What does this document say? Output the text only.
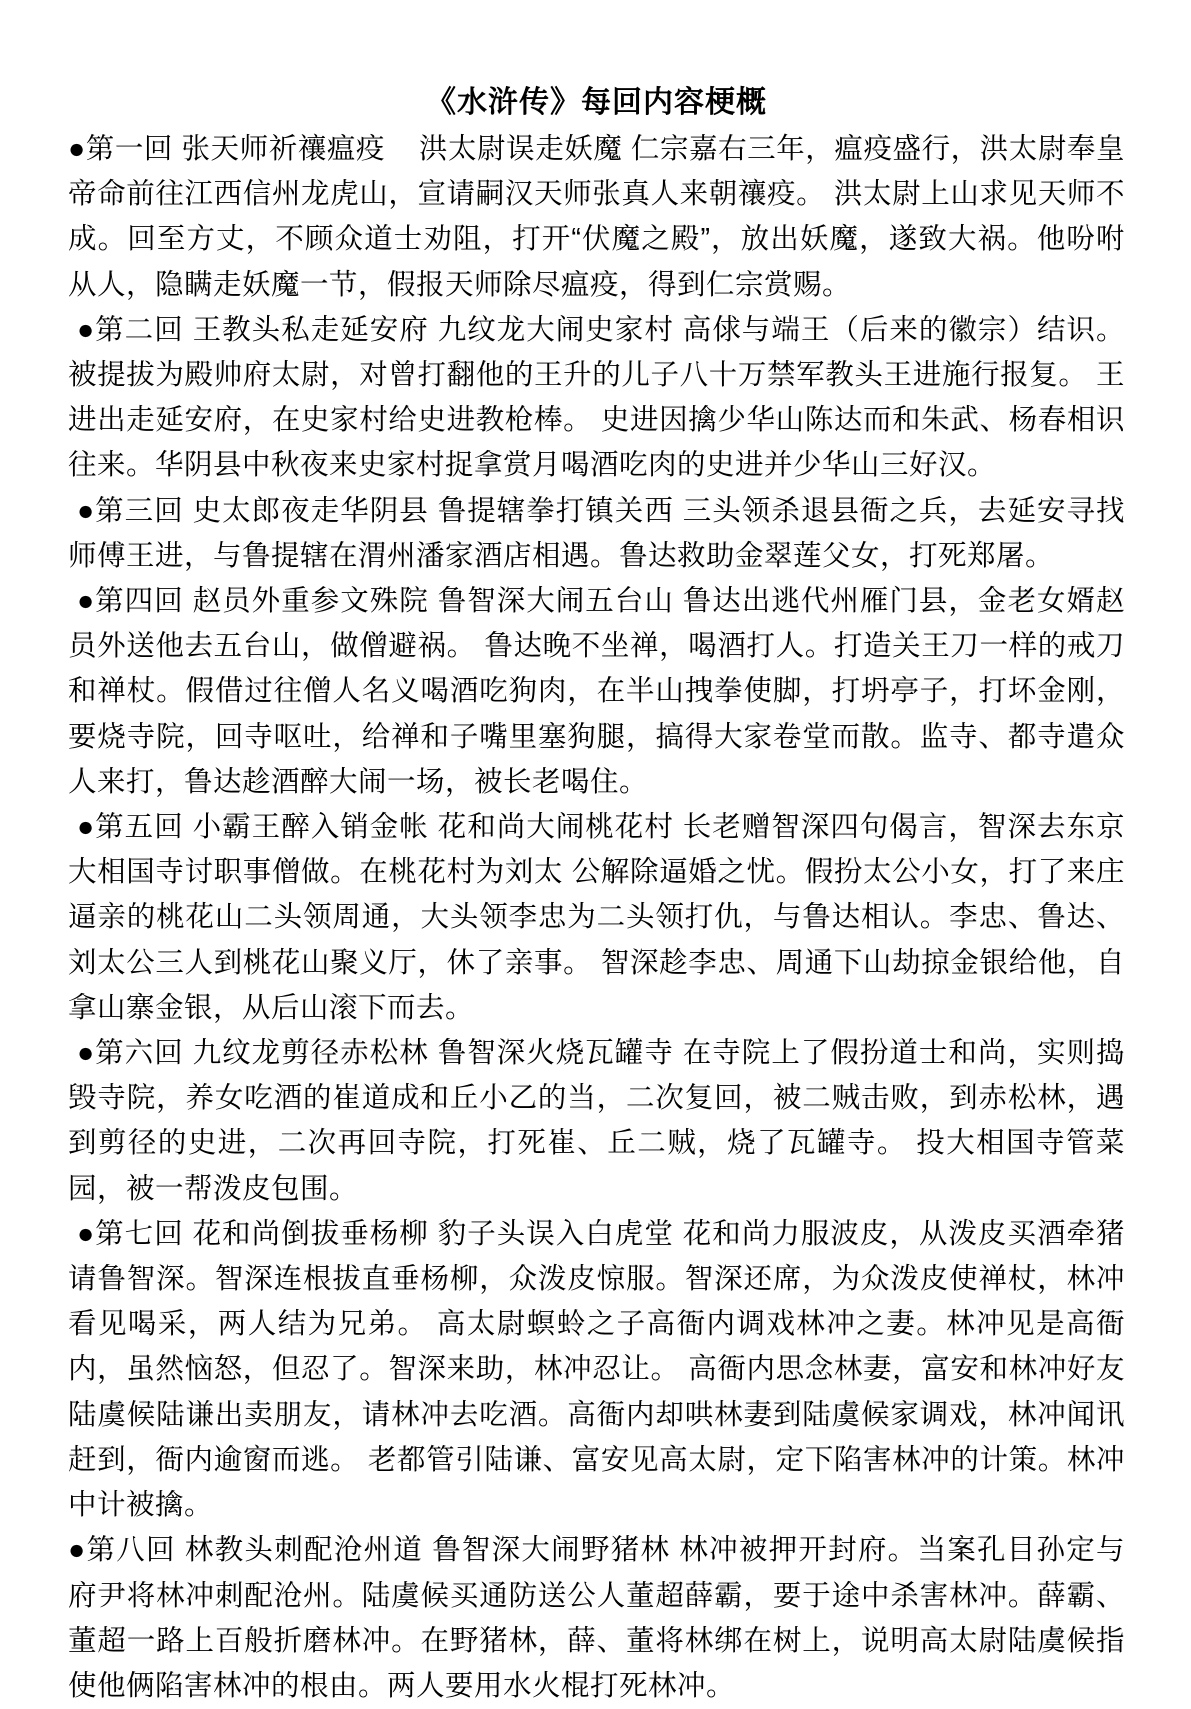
《水浒传》每回内容梗概

●第一回 张天师祈禳瘟疫    洪太尉误走妖魔 仁宗嘉右三年，瘟疫盛行，洪太尉奉皇帝命前往江西信州龙虎山，宣请嗣汉天师张真人来朝禳疫。 洪太尉上山求见天师不成。回至方丈，不顾众道士劝阻，打开“伏魔之殿”，放出妖魔，遂致大祸。他吩咐从人，隐瞒走妖魔一节，假报天师除尽瘟疫，得到仁宗赏赐。

●第二回 王教头私走延安府 九纹龙大闹史家村 高俅与端王（后来的徽宗）结识。被提拔为殿帅府太尉，对曾打翻他的王升的儿子八十万禁军教头王进施行报复。 王进出走延安府，在史家村给史进教枪棒。 史进因擒少华山陈达而和朱武、杨春相识往来。华阴县中秋夜来史家村捉拿赏月喝酒吃肉的史进并少华山三好汉。

●第三回 史太郎夜走华阴县 鲁提辖拳打镇关西 三头领杀退县衙之兵，去延安寻找师傅王进，与鲁提辖在渭州潘家酒店相遇。鲁达救助金翠莲父女，打死郑屠。

●第四回 赵员外重参文殊院 鲁智深大闹五台山 鲁达出逃代州雁门县，金老女婿赵员外送他去五台山，做僧避祸。 鲁达晚不坐禅，喝酒打人。打造关王刀一样的戒刀和禅杖。假借过往僧人名义喝酒吃狗肉，在半山拽拳使脚，打坍亭子，打坏金刚，要烧寺院，回寺呕吐，给禅和子嘴里塞狗腿，搞得大家卷堂而散。监寺、都寺遣众人来打，鲁达趁酒醉大闹一场，被长老喝住。

●第五回 小霸王醉入销金帐 花和尚大闹桃花村 长老赠智深四句偈言，智深去东京大相国寺讨职事僧做。在桃花村为刘太 公解除逼婚之忧。假扮太公小女，打了来庄逼亲的桃花山二头领周通，大头领李忠为二头领打仇，与鲁达相认。李忠、鲁达、刘太公三人到桃花山聚义厅，休了亲事。 智深趁李忠、周通下山劫掠金银给他，自拿山寨金银，从后山滚下而去。

●第六回 九纹龙剪径赤松林 鲁智深火烧瓦罐寺 在寺院上了假扮道士和尚，实则捣毁寺院，养女吃酒的崔道成和丘小乙的当，二次复回，被二贼击败，到赤松林，遇到剪径的史进，二次再回寺院，打死崔、丘二贼，烧了瓦罐寺。 投大相国寺管菜园，被一帮泼皮包围。

●第七回 花和尚倒拔垂杨柳 豹子头误入白虎堂 花和尚力服波皮，从泼皮买酒牵猪请鲁智深。智深连根拔直垂杨柳，众泼皮惊服。智深还席，为众泼皮使禅杖，林冲看见喝采，两人结为兄弟。 高太尉螟蛉之子高衙内调戏林冲之妻。林冲见是高衙内，虽然恼怒，但忍了。智深来助，林冲忍让。 高衙内思念林妻，富安和林冲好友陆虞候陆谦出卖朋友，请林冲去吃酒。高衙内却哄林妻到陆虞候家调戏，林冲闻讯赶到，衙内逾窗而逃。 老都管引陆谦、富安见高太尉，定下陷害林冲的计策。林冲中计被擒。

●第八回 林教头刺配沧州道 鲁智深大闹野猪林 林冲被押开封府。当案孔目孙定与府尹将林冲刺配沧州。陆虞候买通防送公人董超薛霸，要于途中杀害林冲。薛霸、董超一路上百般折磨林冲。在野猪林，薛、董将林绑在树上，说明高太尉陆虞候指使他俩陷害林冲的根由。两人要用水火棍打死林冲。
